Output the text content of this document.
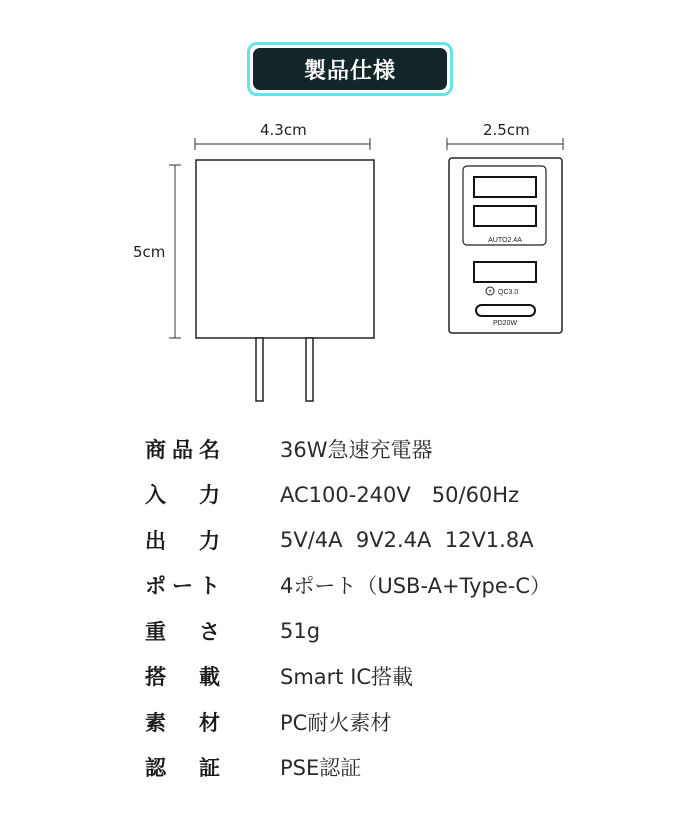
製品仕様
4.3cm
5cm
2.5cm
AUTO2.4A
QC3.0
PD20W
商 品 名	36W急速充電器
入 力	AC100-240V　50/60Hz
出 力	5V/4A  9V2.4A  12V1.8A
ポ ー ト	4ポート（USB-A+Type-C）
重 さ	51g
搭 載	Smart IC搭載
素 材	PC耐火素材
認 証	PSE認証
